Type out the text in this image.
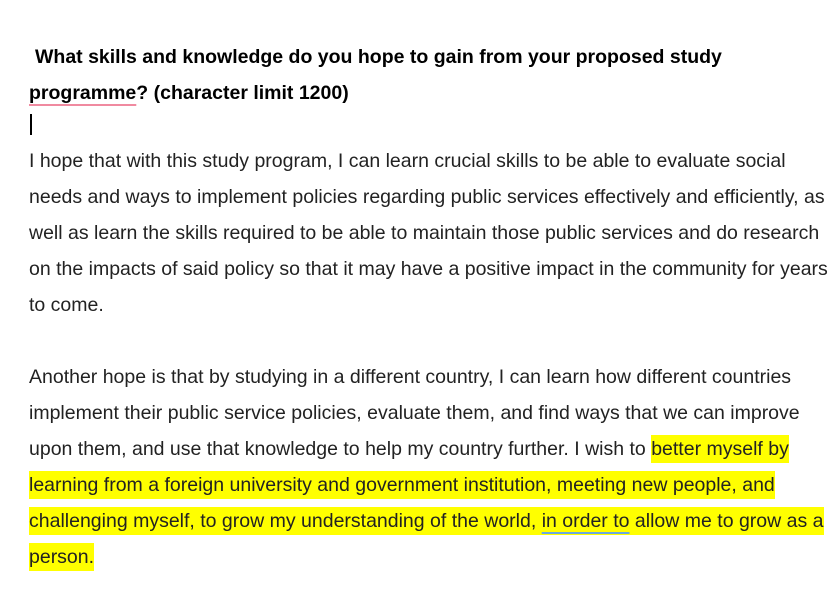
What skills and knowledge do you hope to gain from your proposed study programme? (character limit 1200)

I hope that with this study program, I can learn crucial skills to be able to evaluate social needs and ways to implement policies regarding public services effectively and efficiently, as well as learn the skills required to be able to maintain those public services and do research on the impacts of said policy so that it may have a positive impact in the community for years to come.

Another hope is that by studying in a different country, I can learn how different countries implement their public service policies, evaluate them, and find ways that we can improve upon them, and use that knowledge to help my country further. I wish to better myself by learning from a foreign university and government institution, meeting new people, and challenging myself, to grow my understanding of the world, in order to allow me to grow as a person.
